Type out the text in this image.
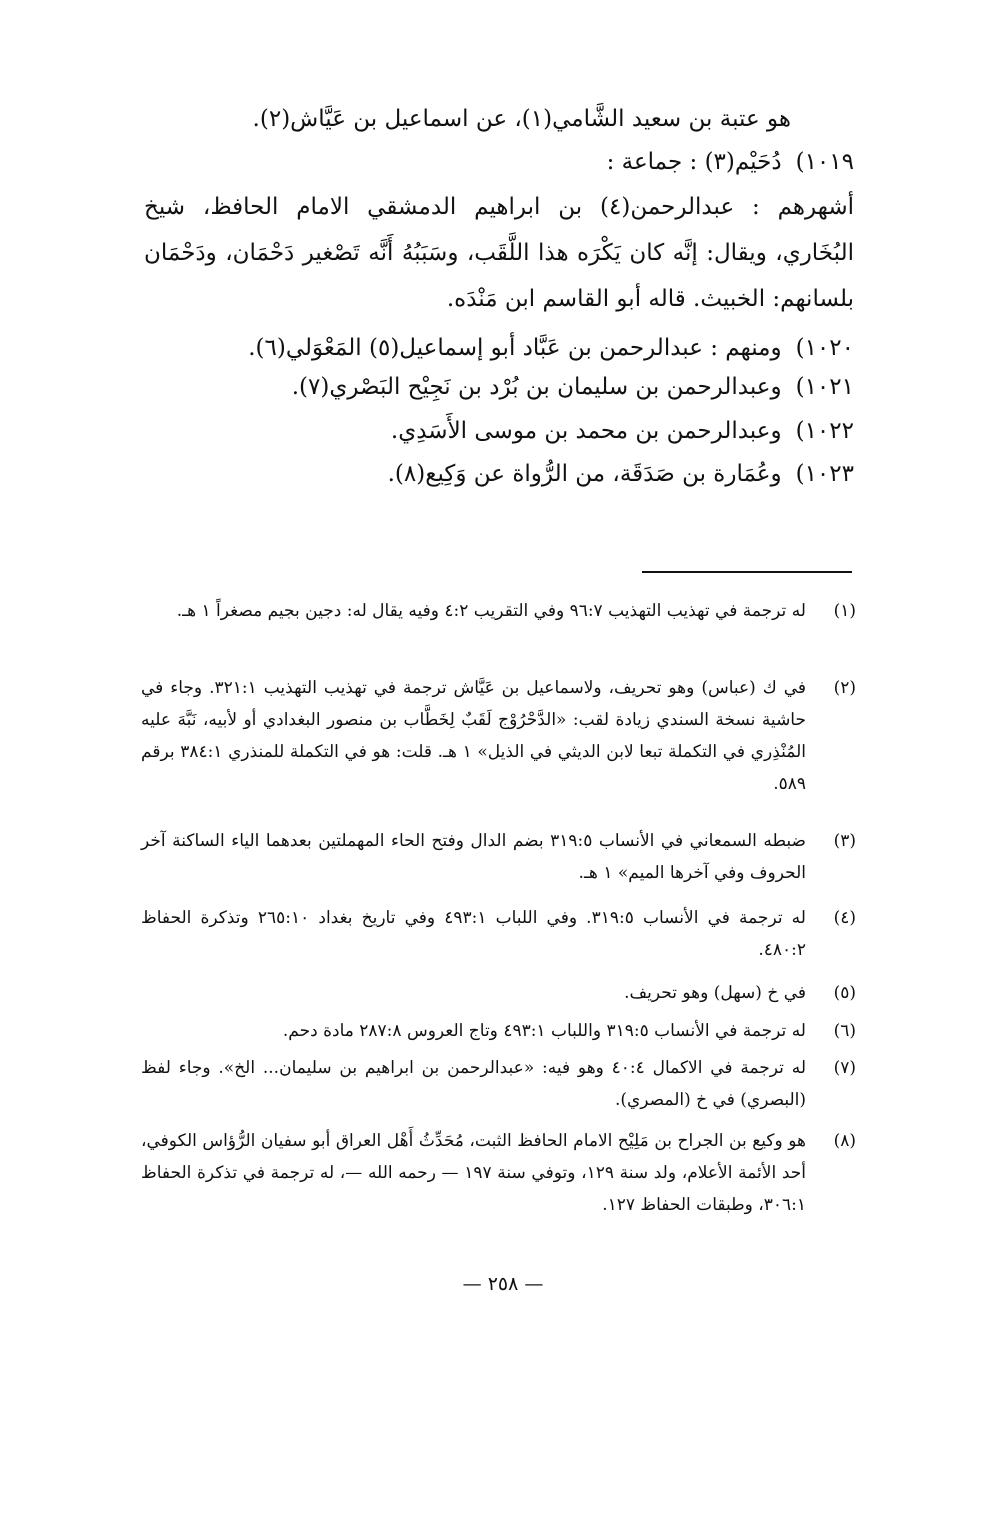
هو عتبة بن سعيد الشَّامي(١)، عن اسماعيل بن عَيَّاش(٢).
١٠١٩)
دُحَيْم(٣) : جماعة :
أشهرهم : عبدالرحمن(٤) بن ابراهيم الدمشقي الامام الحافظ، شيخ البُخَاري، ويقال: إنَّه كان يَكْرَه هذا اللَّقَب، وسَبَبُهُ أَنَّه تَصْغير دَحْمَان، ودَحْمَان بلسانهم: الخبيث. قاله أبو القاسم ابن مَنْدَه.
١٠٢٠)
ومنهم : عبدالرحمن بن عَبَّاد أبو إسماعيل(٥) المَعْوَلي(٦).
١٠٢١)
وعبدالرحمن بن سليمان بن بُرْد بن نَجِيْح البَصْري(٧).
١٠٢٢)
وعبدالرحمن بن محمد بن موسى الأَسَدِي.
١٠٢٣)
وعُمَارة بن صَدَقَة، من الرُّواة عن وَكِيع(٨).
(١)
له ترجمة في تهذيب التهذيب ٩٦:٧ وفي التقريب ٤:٢ وفيه يقال له: دجين بجيم مصغراً ١ هـ.
(٢)
في ك (عباس) وهو تحريف، ولاسماعيل بن عَيَّاش ترجمة في تهذيب التهذيب ٣٢١:١. وجاء في حاشية نسخة السندي زيادة لقب: «الدَّحْرُوْج لَقَبٌ لِخَطَّاب بن منصور البغدادي أو لأبيه، نَبَّهَ عليه المُنْذِري في التكملة تبعا لابن الديثي في الذيل» ١ هـ. قلت: هو في التكملة للمنذري ٣٨٤:١ برقم ٥٨٩.
(٣)
ضبطه السمعاني في الأنساب ٣١٩:٥ بضم الدال وفتح الحاء المهملتين بعدهما الياء الساكنة آخر الحروف وفي آخرها الميم» ١ هـ.
(٤)
له ترجمة في الأنساب ٣١٩:٥. وفي اللباب ٤٩٣:١ وفي تاريخ بغداد ٢٦٥:١٠ وتذكرة الحفاظ ٤٨٠:٢.
(٥)
في خ (سهل) وهو تحريف.
(٦)
له ترجمة في الأنساب ٣١٩:٥ واللباب ٤٩٣:١ وتاج العروس ٢٨٧:٨ مادة دحم.
(٧)
له ترجمة في الاكمال ٤٠:٤ وهو فيه: «عبدالرحمن بن ابراهيم بن سليمان... الخ». وجاء لفظ (البصري) في خ (المصري).
(٨)
هو وكيع بن الجراح بن مَلِيْح الامام الحافظ الثبت، مُحَدِّثُ أَهْل العراق أبو سفيان الرُّؤاس الكوفي، أحد الأئمة الأعلام، ولد سنة ١٢٩، وتوفي سنة ١٩٧ — رحمه الله —، له ترجمة في تذكرة الحفاظ ٣٠٦:١، وطبقات الحفاظ ١٢٧.
— ٢٥٨ —
